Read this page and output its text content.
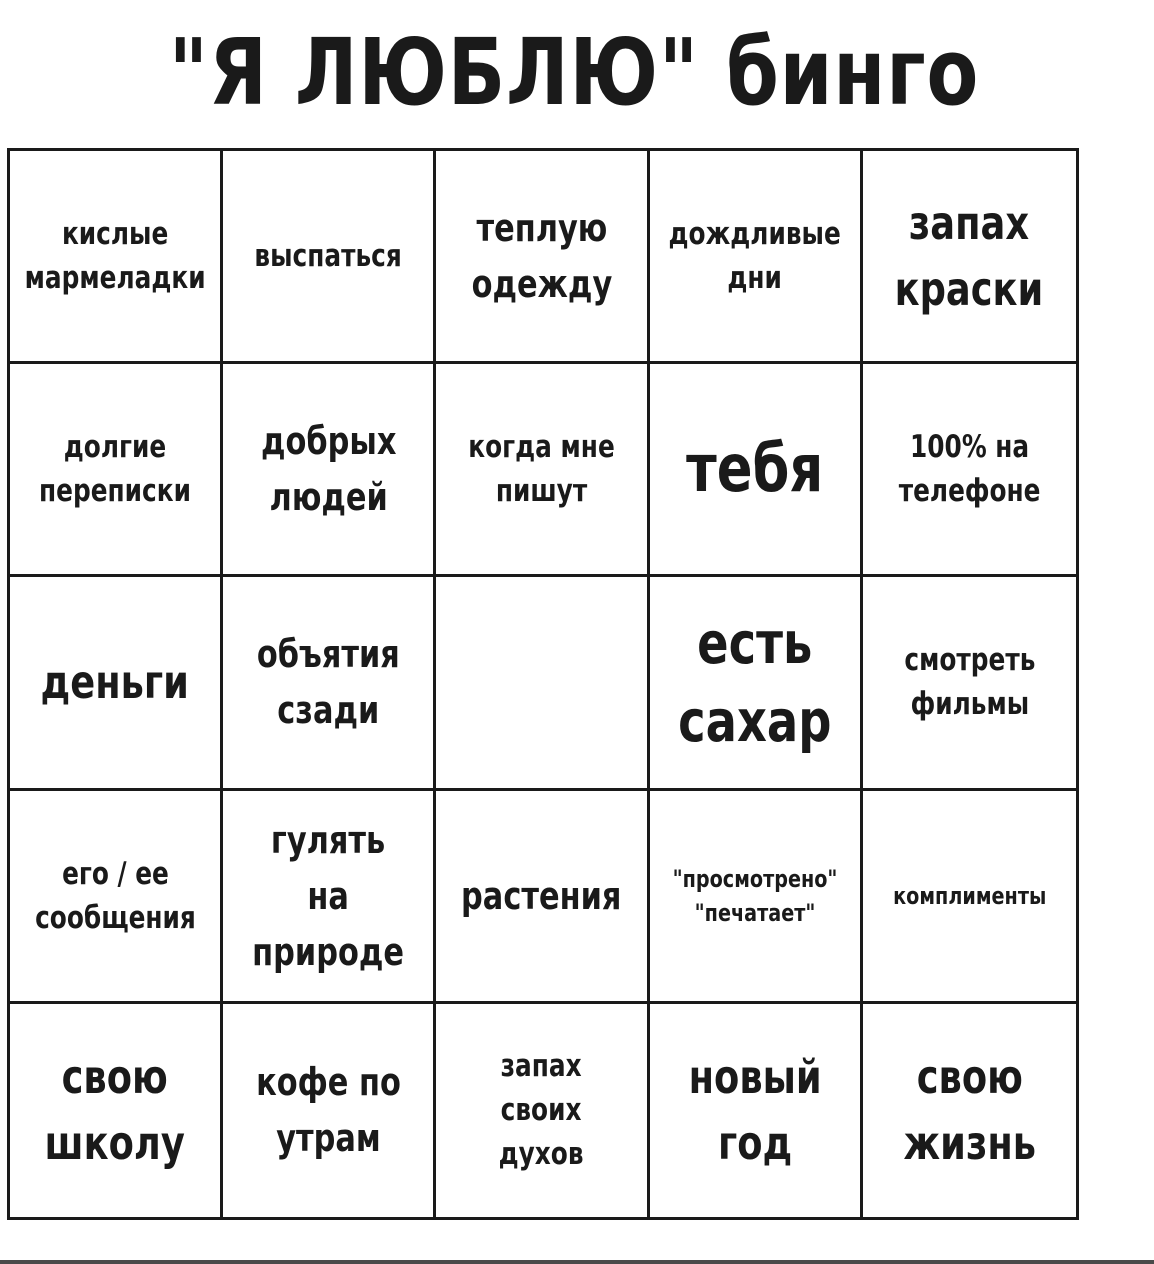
"Я ЛЮБЛЮ" бинго
кислые
мармеладки
выспаться
теплую
одежду
дождливые
дни
запах
краски
долгие
переписки
добрых
людей
когда мне
пишут	тебя	100% на
телефоне
деньги
объятия
сзади
есть
сахар
смотреть
фильмы
его / ее
сообщения
гулять на
природе
растения "просмотрено"
"печатает"
комплименты
свою
школу
кофе по
утрам
запах
своих
духов
новый
год
свою
жизнь
